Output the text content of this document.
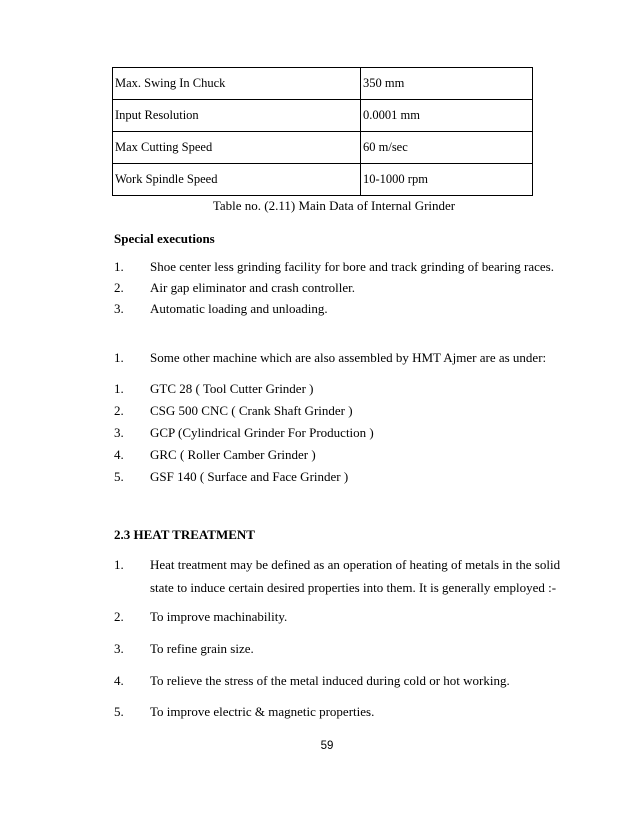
Max. Swing In Chuck	350 mm
Input Resolution	0.0001 mm
Max Cutting Speed	60 m/sec
Work Spindle Speed	10-1000 rpm
Table no. (2.11) Main Data of Internal Grinder
Special executions
1. Shoe center less grinding facility for bore and track grinding of bearing races.
2. Air gap eliminator and crash controller.
3. Automatic loading and unloading.
1. Some other machine which are also assembled by HMT Ajmer are as under:
1. GTC 28 ( Tool Cutter Grinder )
2. CSG 500 CNC ( Crank Shaft Grinder )
3. GCP (Cylindrical Grinder For Production )
4. GRC ( Roller Camber Grinder )
5. GSF 140 ( Surface and Face Grinder )
2.3 HEAT TREATMENT
1. Heat treatment may be defined as an operation of heating of metals in the solid
state to induce certain desired properties into them. It is generally employed :-
2. To improve machinability.
3. To refine grain size.
4. To relieve the stress of the metal induced during cold or hot working.
5. To improve electric & magnetic properties.
59
